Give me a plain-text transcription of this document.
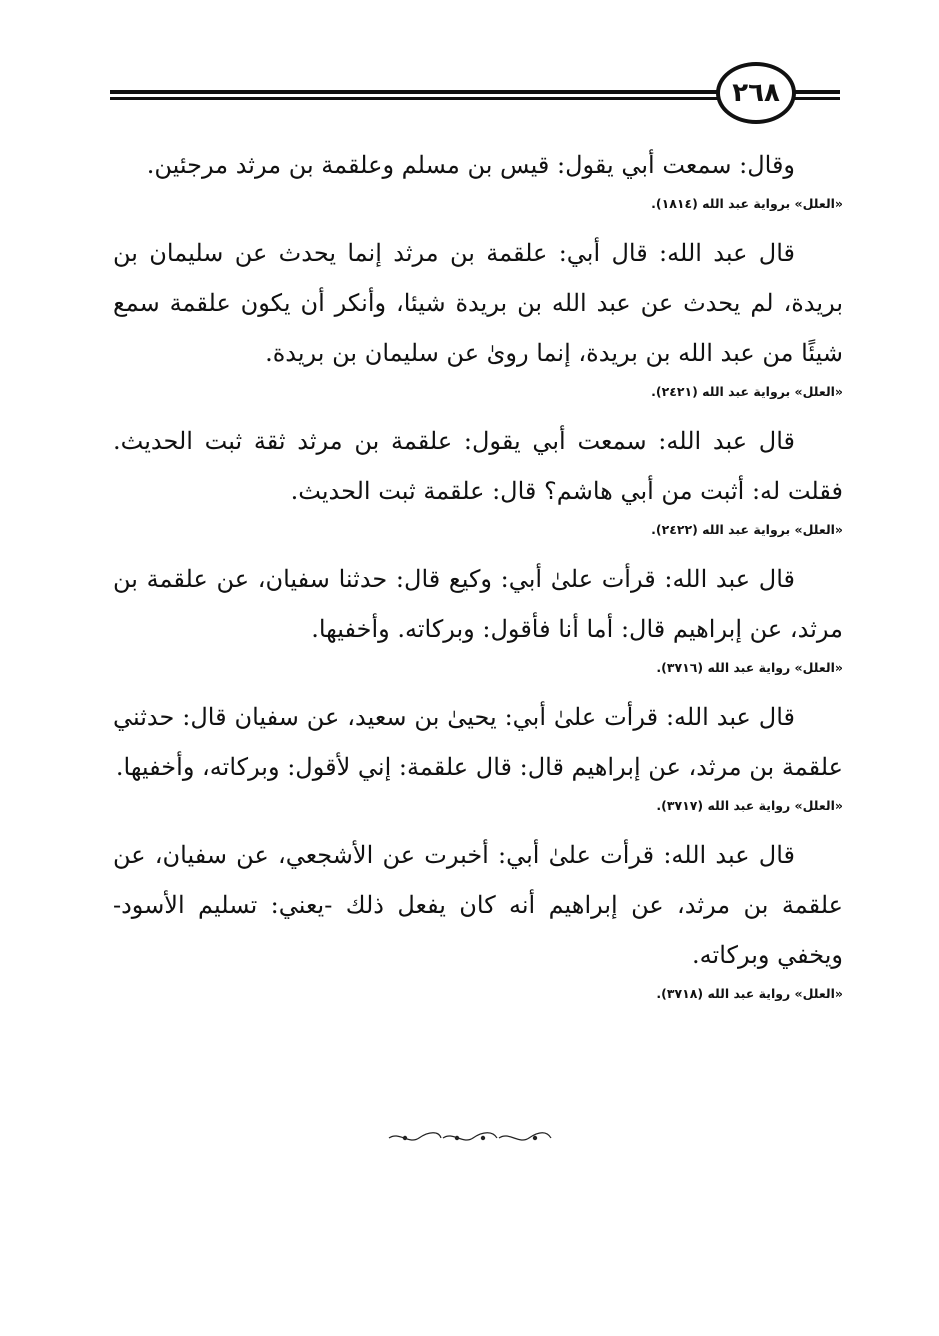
٢٦٨

وقال: سمعت أبي يقول: قيس بن مسلم وعلقمة بن مرثد مرجئين.

«العلل» برواية عبد الله (١٨١٤).

قال عبد الله: قال أبي: علقمة بن مرثد إنما يحدث عن سليمان بن بريدة، لم يحدث عن عبد الله بن بريدة شيئا، وأنكر أن يكون علقمة سمع شيئًا من عبد الله بن بريدة، إنما روىٰ عن سليمان بن بريدة.

«العلل» برواية عبد الله (٢٤٢١).

قال عبد الله: سمعت أبي يقول: علقمة بن مرثد ثقة ثبت الحديث. فقلت له: أثبت من أبي هاشم؟ قال: علقمة ثبت الحديث.

«العلل» برواية عبد الله (٢٤٢٢).

قال عبد الله: قرأت علىٰ أبي: وكيع قال: حدثنا سفيان، عن علقمة بن مرثد، عن إبراهيم قال: أما أنا فأقول: وبركاته. وأخفيها.

«العلل» رواية عبد الله (٣٧١٦).

قال عبد الله: قرأت علىٰ أبي: يحيىٰ بن سعيد، عن سفيان قال: حدثني علقمة بن مرثد، عن إبراهيم قال: قال علقمة: إني لأقول: وبركاته، وأخفيها.

«العلل» رواية عبد الله (٣٧١٧).

قال عبد الله: قرأت علىٰ أبي: أخبرت عن الأشجعي، عن سفيان، عن علقمة بن مرثد، عن إبراهيم أنه كان يفعل ذلك -يعني: تسليم الأسود- ويخفي وبركاته.

«العلل» رواية عبد الله (٣٧١٨).
